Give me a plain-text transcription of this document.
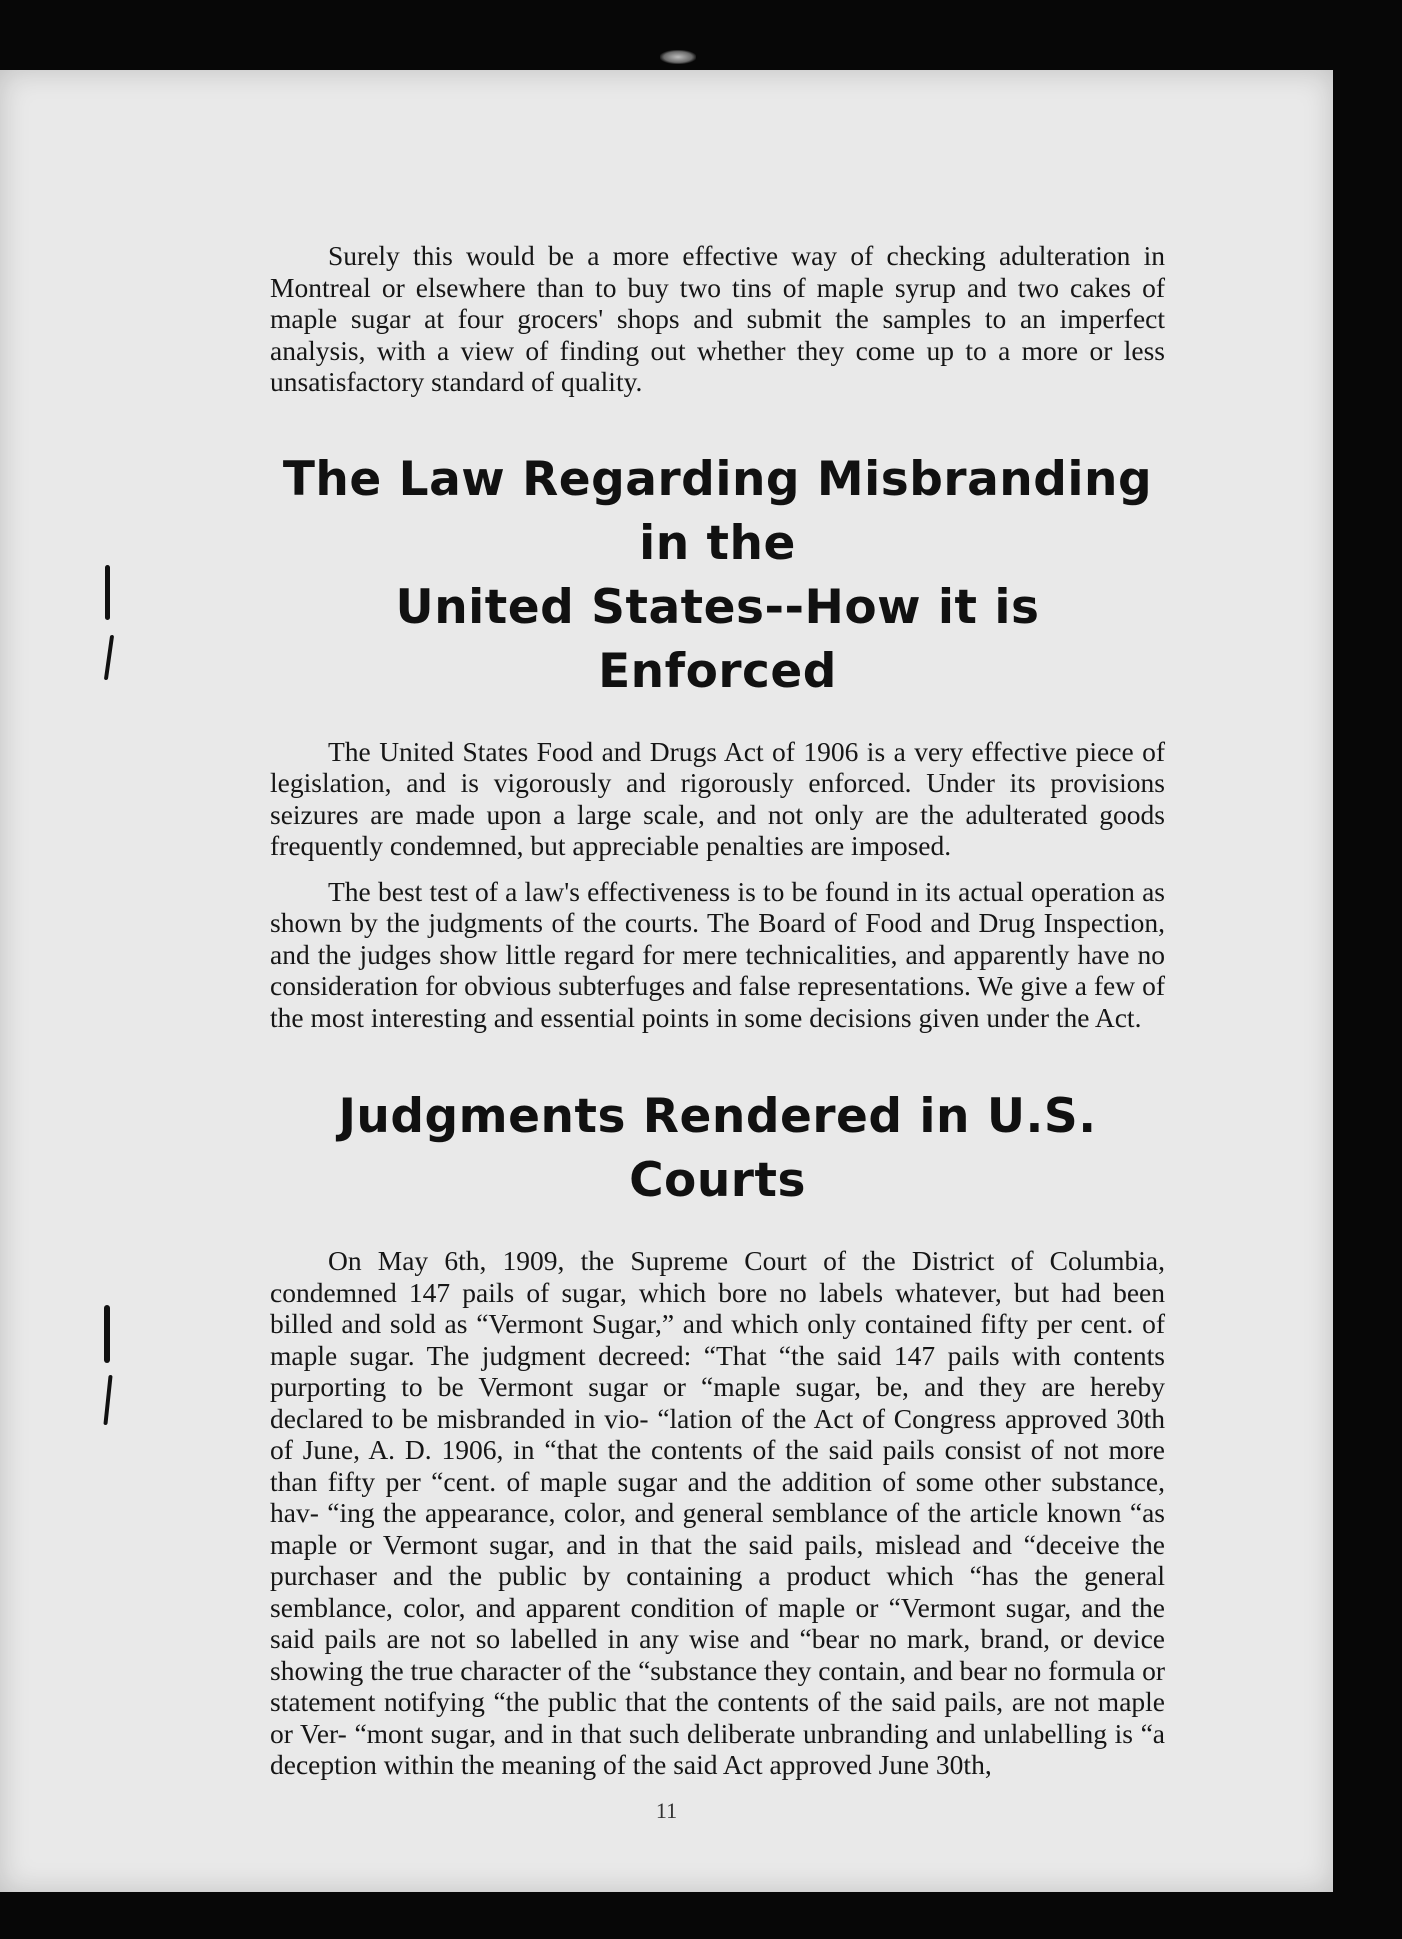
11

Surely this would be a more effective way of checking adulteration in Montreal or elsewhere than to buy two tins of maple syrup and two cakes of maple sugar at four grocers' shops and submit the samples to an imperfect analysis, with a view of finding out whether they come up to a more or less unsatisfactory standard of quality.

The Law Regarding Misbranding in the
United States--How it is Enforced

The United States Food and Drugs Act of 1906 is a very effective piece of legislation, and is vigorously and rigorously enforced. Under its provisions seizures are made upon a large scale, and not only are the adulterated goods frequently condemned, but appreciable penalties are imposed.

The best test of a law's effectiveness is to be found in its actual operation as shown by the judgments of the courts. The Board of Food and Drug Inspection, and the judges show little regard for mere technicalities, and apparently have no consideration for obvious subterfuges and false representations. We give a few of the most interesting and essential points in some decisions given under the Act.

Judgments Rendered in U.S. Courts

On May 6th, 1909, the Supreme Court of the District of Columbia, condemned 147 pails of sugar, which bore no labels whatever, but had been billed and sold as “Vermont Sugar,” and which only contained fifty per cent. of maple sugar. The judgment decreed: “That “the said 147 pails with contents purporting to be Vermont sugar or “maple sugar, be, and they are hereby declared to be misbranded in vio- “lation of the Act of Congress approved 30th of June, A. D. 1906, in “that the contents of the said pails consist of not more than fifty per “cent. of maple sugar and the addition of some other substance, hav- “ing the appearance, color, and general semblance of the article known “as maple or Vermont sugar, and in that the said pails, mislead and “deceive the purchaser and the public by containing a product which “has the general semblance, color, and apparent condition of maple or “Vermont sugar, and the said pails are not so labelled in any wise and “bear no mark, brand, or device showing the true character of the “substance they contain, and bear no formula or statement notifying “the public that the contents of the said pails, are not maple or Ver- “mont sugar, and in that such deliberate unbranding and unlabelling is “a deception within the meaning of the said Act approved June 30th,
